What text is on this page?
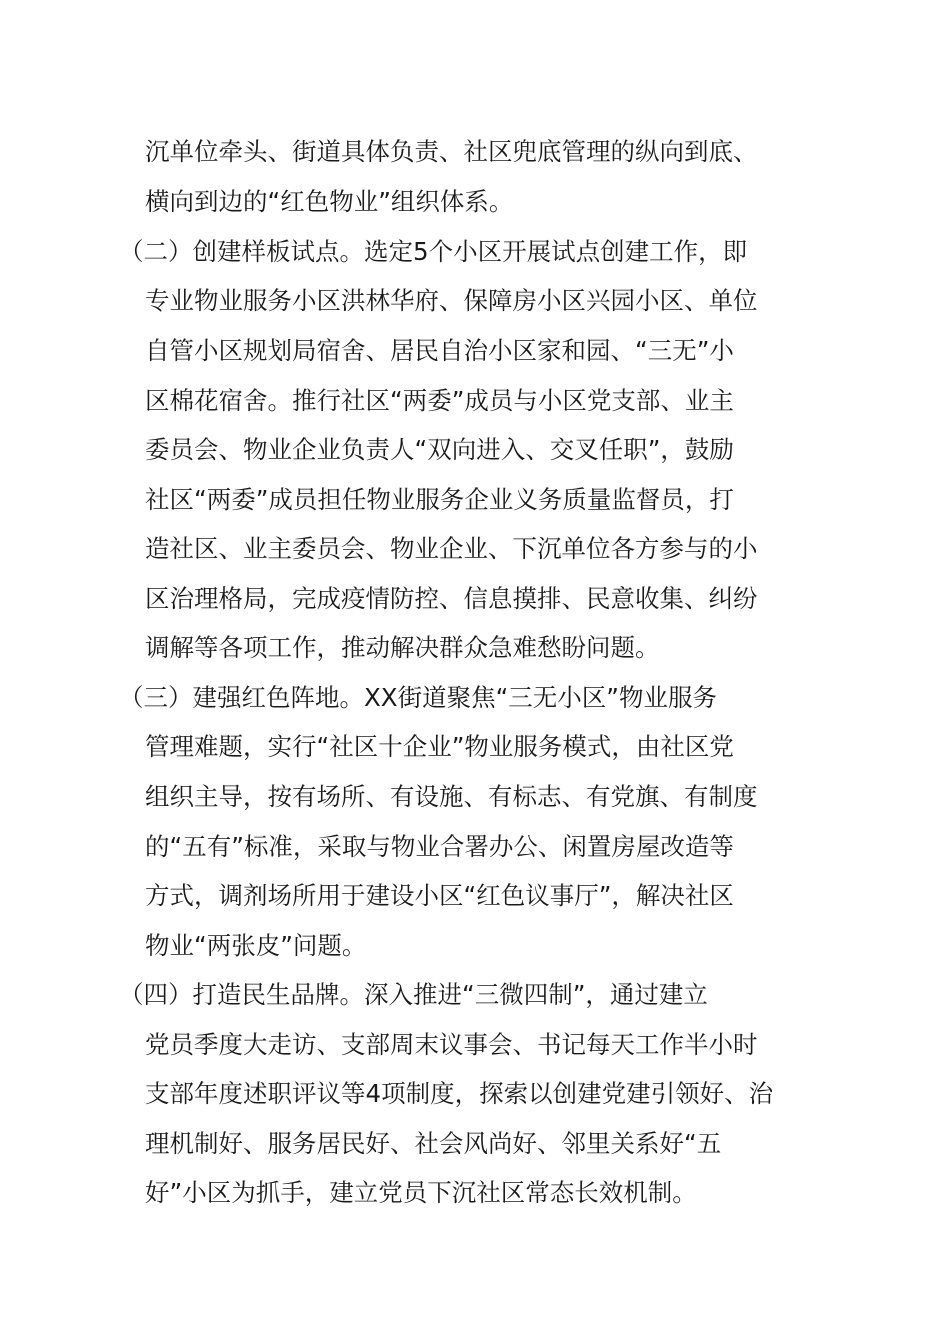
沉单位牵头、街道具体负责、社区兜底管理的纵向到底、
横向到边的“红色物业”组织体系。
（二）创建样板试点。选定5个小区开展试点创建工作，即
专业物业服务小区洪林华府、保障房小区兴园小区、单位
自管小区规划局宿舍、居民自治小区家和园、“三无”小
区棉花宿舍。推行社区“两委”成员与小区党支部、业主
委员会、物业企业负责人“双向进入、交叉任职”，鼓励
社区“两委”成员担任物业服务企业义务质量监督员，打
造社区、业主委员会、物业企业、下沉单位各方参与的小
区治理格局，完成疫情防控、信息摸排、民意收集、纠纷
调解等各项工作，推动解决群众急难愁盼问题。
（三）建强红色阵地。XX街道聚焦“三无小区”物业服务
管理难题，实行“社区十企业”物业服务模式，由社区党
组织主导，按有场所、有设施、有标志、有党旗、有制度
的“五有”标准，采取与物业合署办公、闲置房屋改造等
方式，调剂场所用于建设小区“红色议事厅”，解决社区
物业“两张皮”问题。
（四）打造民生品牌。深入推进“三微四制”，通过建立
党员季度大走访、支部周末议事会、书记每天工作半小时
支部年度述职评议等4项制度，探索以创建党建引领好、治
理机制好、服务居民好、社会风尚好、邻里关系好“五
好”小区为抓手，建立党员下沉社区常态长效机制。
